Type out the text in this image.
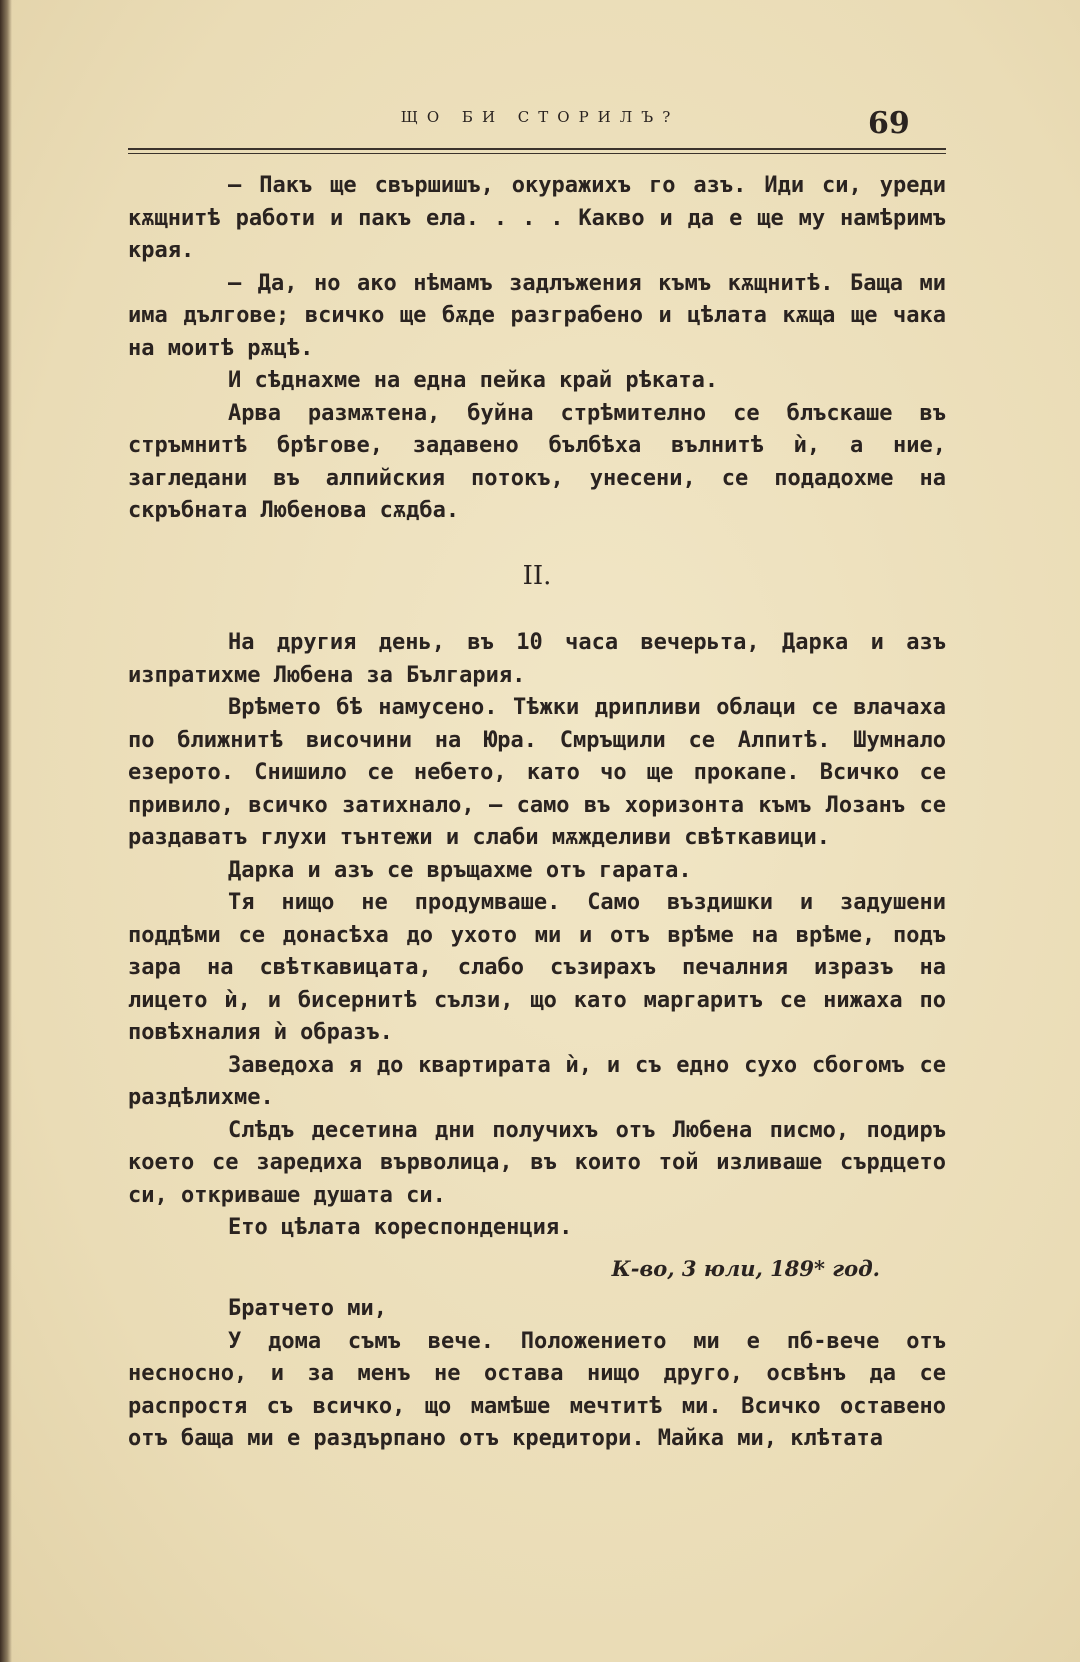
ЩО БИ СТОРИЛЪ?	69

— Пакъ ще свършишъ, окуражихъ го азъ. Иди си, уреди кѫщнитѣ работи и пакъ ела. . . . Какво и да е ще му намѣримъ края.

— Да, но ако нѣмамъ задлъжения къмъ кѫщнитѣ. Баща ми има дългове; всичко ще бѫде разграбено и цѣлата кѫща ще чака на моитѣ рѫцѣ.

И сѣднахме на една пейка край рѣката.

Арва размѫтена, буйна стрѣмително се блъскаше въ стръмнитѣ брѣгове, задавено бълбѣха вълнитѣ ѝ, а ние, загледани въ алпийския потокъ, унесени, се подадохме на скръбната Любенова сѫдба.

II.

На другия день, въ 10 часа вечерьта, Дарка и азъ изпратихме Любена за България.

Врѣмето бѣ намусено. Тѣжки дрипливи облаци се влачаха по ближнитѣ височини на Юра. Смръщили се Алпитѣ. Шумнало езерото. Снишило се небето, като чо ще прокапе. Всичко се привило, всичко затихнало, — само въ хоризонта къмъ Лозанъ се раздаватъ глухи тънтежи и слаби мѫжделиви свѣткавици.

Дарка и азъ се връщахме отъ гарата.

Тя нищо не продумваше. Само въздишки и задушени поддѣми се донасѣха до ухото ми и отъ врѣме на врѣме, подъ зара на свѣткавицата, слабо съзирахъ печалния изразъ на лицето ѝ, и бисернитѣ сълзи, що като маргаритъ се нижаха по повѣхналия ѝ образъ.

Заведоха я до квартирата ѝ, и съ едно сухо сбогомъ се раздѣлихме.

Слѣдъ десетина дни получихъ отъ Любена писмо, подиръ което се заредиха върволица, въ които той изливаше сърдцето си, откриваше душата си.

Ето цѣлата кореспонденция.

К-во, 3 юли, 189* год.

Братчето ми,

У дома съмъ вече. Положението ми е пб-вече отъ несносно, и за менъ не остава нищо друго, освѣнъ да се распростя съ всичко, що мамѣше мечтитѣ ми. Всичко оставено отъ баща ми е раздърпано отъ кредитори. Майка ми, клѣтата
